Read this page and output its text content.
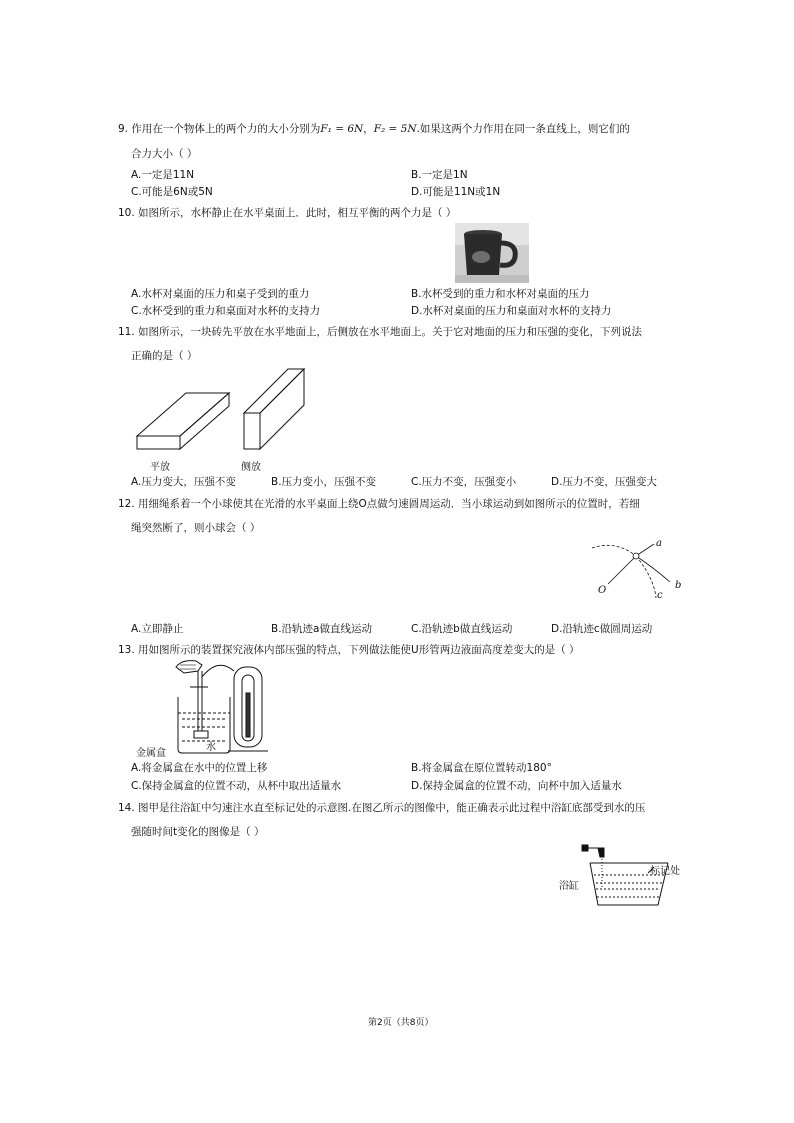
9. 作用在一个物体上的两个力的大小分别为F₁ = 6N，F₂ = 5N.如果这两个力作用在同一条直线上，则它们的
合力大小（ ）
A.一定是11N	B.一定是1N
C.可能是6N或5N	D.可能是11N或1N
10. 如图所示，水杯静止在水平桌面上．此时，相互平衡的两个力是（ ）
A.水杯对桌面的压力和桌子受到的重力	B.水杯受到的重力和水杯对桌面的压力
C.水杯受到的重力和桌面对水杯的支持力	D.水杯对桌面的压力和桌面对水杯的支持力
11. 如图所示，一块砖先平放在水平地面上，后侧放在水平地面上。关于它对地面的压力和压强的变化，下列说法
正确的是（ ）
平放	侧放
A.压力变大，压强不变	B.压力变小，压强不变	C.压力不变，压强变小	D.压力不变，压强变大
12. 用细绳系着一个小球使其在光滑的水平桌面上绕O点做匀速圆周运动．当小球运动到如图所示的位置时，若细
绳突然断了，则小球会（ ）
O
a
b
c
A.立即静止	B.沿轨迹a做直线运动	C.沿轨迹b做直线运动	D.沿轨迹c做圆周运动
13. 用如图所示的装置探究液体内部压强的特点，下列做法能使U形管两边液面高度差变大的是（ ）
水
金属盒
A.将金属盒在水中的位置上移	B.将金属盒在原位置转动180°
C.保持金属盒的位置不动，从杯中取出适量水	D.保持金属盒的位置不动，向杯中加入适量水
14. 图甲是往浴缸中匀速注水直至标记处的示意图.在图乙所示的图像中，能正确表示此过程中浴缸底部受到水的压
强随时间t变化的图像是（ ）
标记处
浴缸
第2页（共8页）
